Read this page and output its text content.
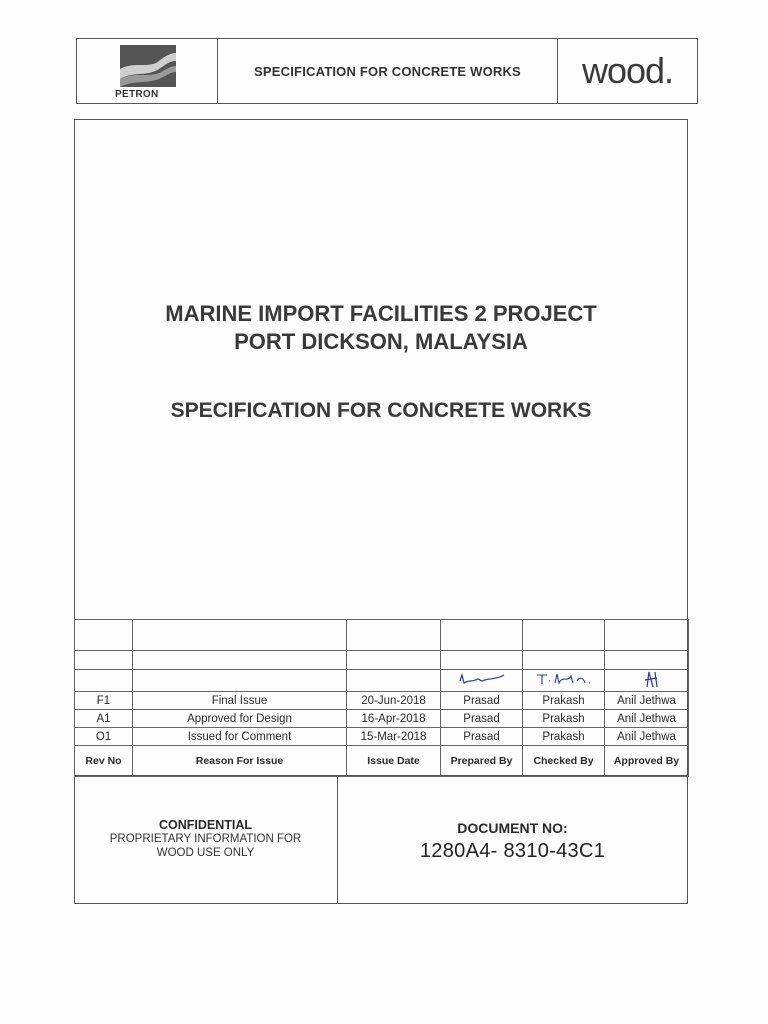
PETRON
SPECIFICATION FOR CONCRETE WORKS	wood.
MARINE IMPORT FACILITIES 2 PROJECT
PORT DICKSON, MALAYSIA
SPECIFICATION FOR CONCRETE WORKS

F1	Final Issue	20-Jun-2018	Prasad	Prakash	Anil Jethwa
A1	Approved for Design	16-Apr-2018	Prasad	Prakash	Anil Jethwa
O1	Issued for Comment	15-Mar-2018	Prasad	Prakash	Anil Jethwa
Rev No	Reason For Issue	Issue Date	Prepared By	Checked By	Approved By
CONFIDENTIAL
PROPRIETARY INFORMATION FOR
WOOD USE ONLY
DOCUMENT NO:
1280A4- 8310-43C1
